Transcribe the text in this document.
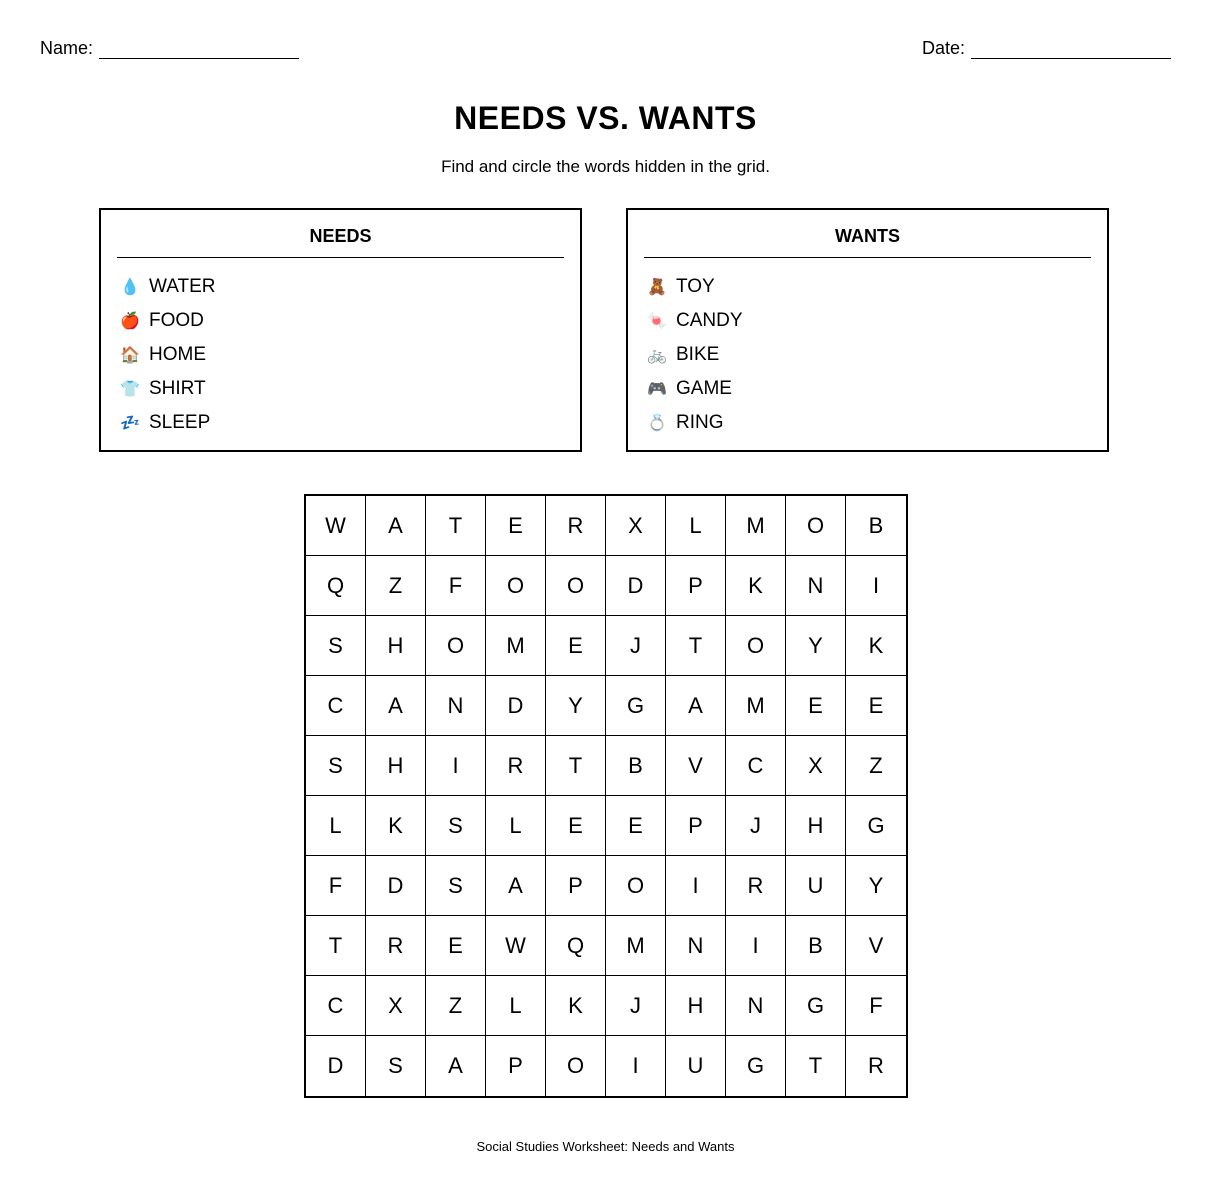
Name:	Date:
NEEDS VS. WANTS
Find and circle the words hidden in the grid.
NEEDS
💧 WATER
🍎 FOOD
🏠 HOME
👕 SHIRT
💤 SLEEP
WANTS
🧸 TOY
🍬 CANDY
🚲 BIKE
🎮 GAME
💍 RING
W	A	T	E	R	X	L	M	O	B
Q	Z	F	O	O	D	P	K	N	I
S	H	O	M	E	J	T	O	Y	K
C	A	N	D	Y	G	A	M	E	E
S	H	I	R	T	B	V	C	X	Z
L	K	S	L	E	E	P	J	H	G
F	D	S	A	P	O	I	R	U	Y
T	R	E	W	Q	M	N	I	B	V
C	X	Z	L	K	J	H	N	G	F
D	S	A	P	O	I	U	G	T	R
Social Studies Worksheet: Needs and Wants
